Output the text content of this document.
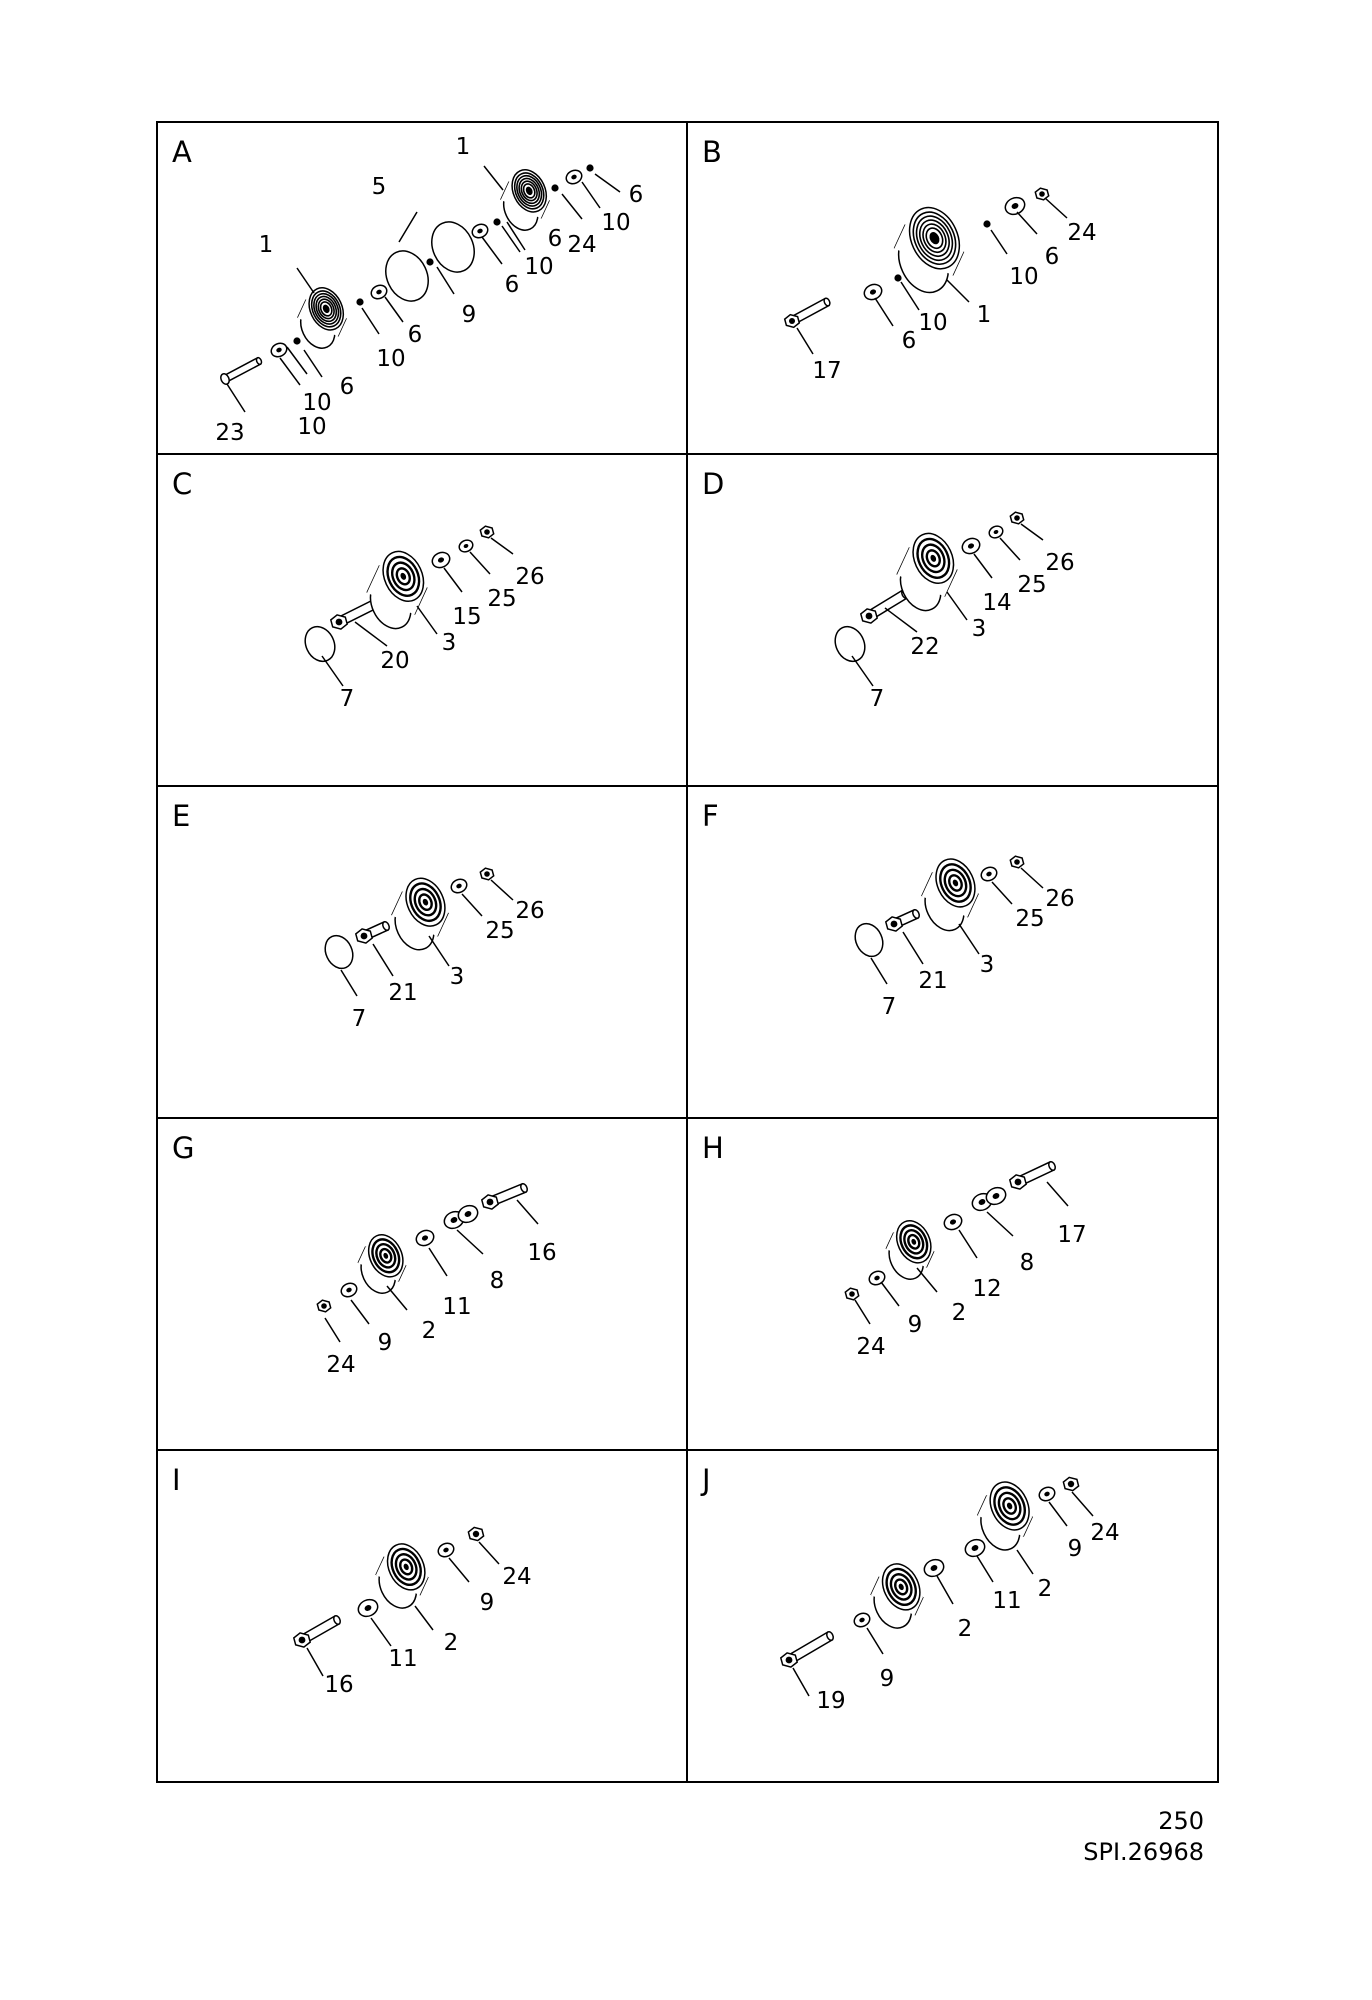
A	1
1
5
9
6
10
6
10
24
6
10
6
10
6
10
23
B
24
6
10
1
10
6
17
C
26
25
15
3
20
7
D
26
25
14
3
22
7
E
26
25
3
21
7
F
26
25
3
21
7
G
16
8
11
2
9
24
H
17
8
12
2
9
24
I
24
9
2
11
16
J
24
9
2
11
2
9
19
250
SPI.26968
